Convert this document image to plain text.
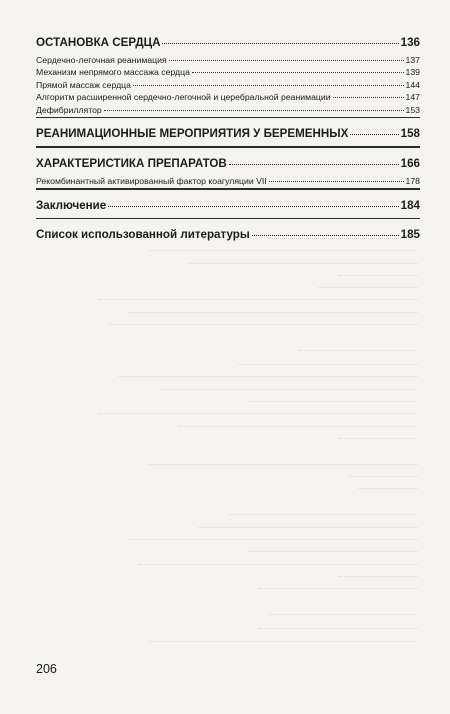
ОСТАНОВКА СЕРДЦА	136
Сердечно-легочная реанимация	137
Механизм непрямого массажа сердца	139
Прямой массаж сердца	144
Алгоритм расширенной сердечно-легочной и церебральной реанимации	147
Дефибриллятор	153
РЕАНИМАЦИОННЫЕ МЕРОПРИЯТИЯ У БЕРЕМЕННЫХ	158
ХАРАКТЕРИСТИКА ПРЕПАРАТОВ	166
Рекомбинантный активированный фактор коагуляции VII	178
Заключение	184
Список использованной литературы	185
206
